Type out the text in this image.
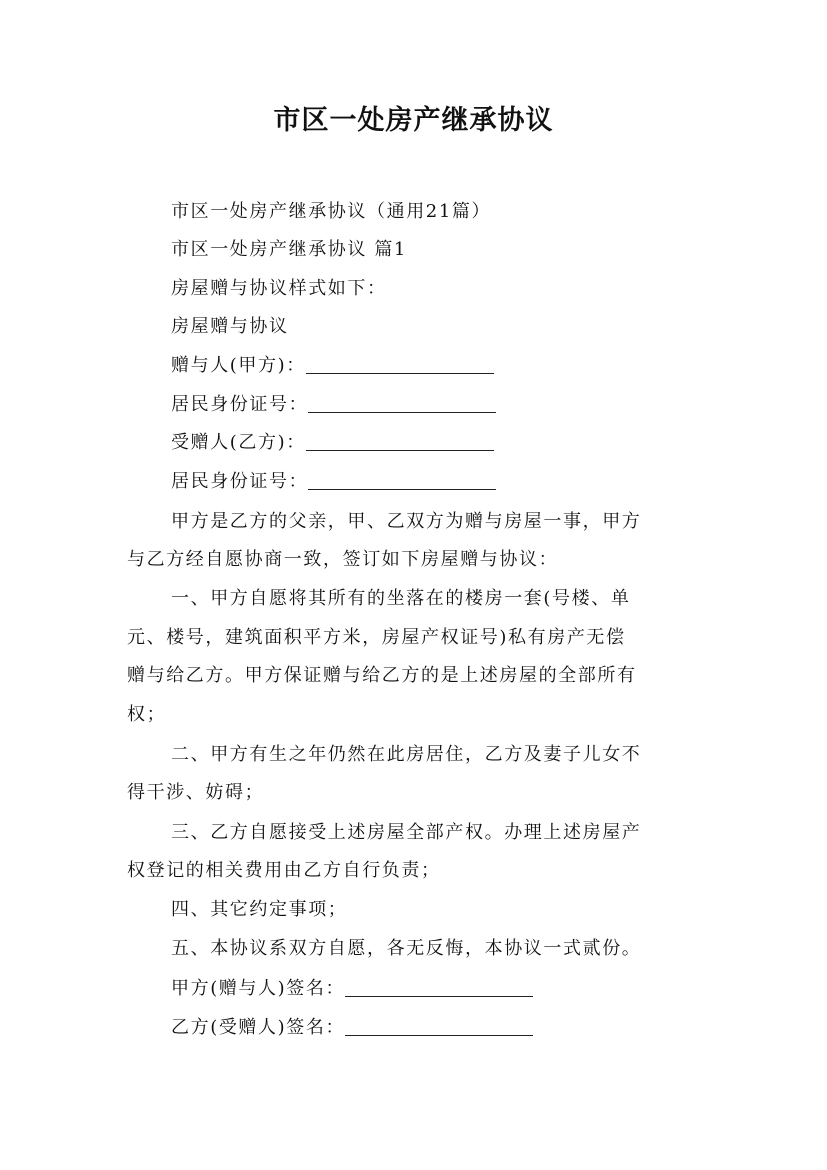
市区一处房产继承协议
市区一处房产继承协议（通用21篇）
市区一处房产继承协议 篇1
房屋赠与协议样式如下：
房屋赠与协议
赠与人(甲方)：
居民身份证号：
受赠人(乙方)：
居民身份证号：
甲方是乙方的父亲，甲、乙双方为赠与房屋一事，甲方
与乙方经自愿协商一致，签订如下房屋赠与协议：
一、甲方自愿将其所有的坐落在的楼房一套(号楼、单
元、楼号，建筑面积平方米，房屋产权证号)私有房产无偿
赠与给乙方。甲方保证赠与给乙方的是上述房屋的全部所有
权；
二、甲方有生之年仍然在此房居住，乙方及妻子儿女不
得干涉、妨碍；
三、乙方自愿接受上述房屋全部产权。办理上述房屋产
权登记的相关费用由乙方自行负责；
四、其它约定事项；
五、本协议系双方自愿，各无反悔，本协议一式贰份。
甲方(赠与人)签名：
乙方(受赠人)签名：
